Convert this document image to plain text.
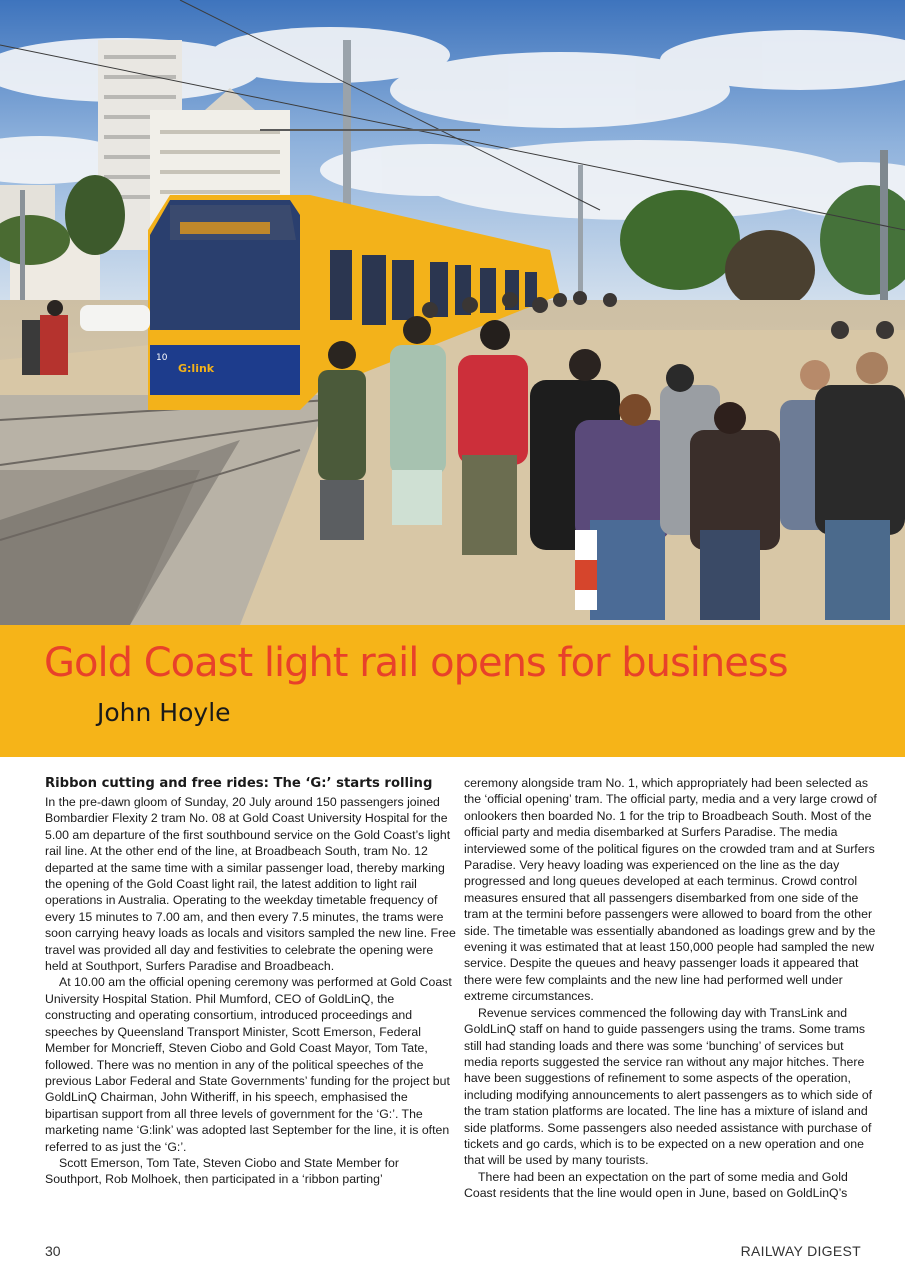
10
G:link
Gold Coast light rail opens for business
John Hoyle
Ribbon cutting and free rides: The ‘G:’ starts rolling

In the pre-dawn gloom of Sunday, 20 July around 150 passengers joined Bombardier Flexity 2 tram No. 08 at Gold Coast University Hospital for the 5.00 am departure of the first southbound service on the Gold Coast’s light rail line. At the other end of the line, at Broadbeach South, tram No. 12 departed at the same time with a similar passenger load, thereby marking the opening of the Gold Coast light rail, the latest addition to light rail operations in Australia. Operating to the weekday timetable frequency of every 15 minutes to 7.00 am, and then every 7.5 minutes, the trams were soon carrying heavy loads as locals and visitors sampled the new line. Free travel was provided all day and festivities to celebrate the opening were held at Southport, Surfers Paradise and Broadbeach.

At 10.00 am the official opening ceremony was performed at Gold Coast University Hospital Station. Phil Mumford, CEO of GoldLinQ, the constructing and operating consortium, introduced proceedings and speeches by Queensland Transport Minister, Scott Emerson, Federal Member for Moncrieff, Steven Ciobo and Gold Coast Mayor, Tom Tate, followed. There was no mention in any of the political speeches of the previous Labor Federal and State Governments’ funding for the project but GoldLinQ Chairman, John Witheriff, in his speech, emphasised the bipartisan support from all three levels of government for the ‘G:’. The marketing name ‘G:link’ was adopted last September for the line, it is often referred to as just the ‘G:’.

Scott Emerson, Tom Tate, Steven Ciobo and State Member for Southport, Rob Molhoek, then participated in a ‘ribbon parting’

ceremony alongside tram No. 1, which appropriately had been selected as the ‘official opening’ tram. The official party, media and a very large crowd of onlookers then boarded No. 1 for the trip to Broadbeach South. Most of the official party and media disembarked at Surfers Paradise. The media interviewed some of the political figures on the crowded tram and at Surfers Paradise. Very heavy loading was experienced on the line as the day progressed and long queues developed at each terminus. Crowd control measures ensured that all passengers disembarked from one side of the tram at the termini before passengers were allowed to board from the other side. The timetable was essentially abandoned as loadings grew and by the evening it was estimated that at least 150,000 people had sampled the new service. Despite the queues and heavy passenger loads it appeared that there were few complaints and the new line had performed well under extreme circumstances.

Revenue services commenced the following day with TransLink and GoldLinQ staff on hand to guide passengers using the trams. Some trams still had standing loads and there was some ‘bunching’ of services but media reports suggested the service ran without any major hitches. There have been suggestions of refinement to some aspects of the operation, including modifying announcements to alert passengers as to which side of the tram station platforms are located. The line has a mixture of island and side platforms. Some passengers also needed assistance with purchase of tickets and go cards, which is to be expected on a new operation and one that will be used by many tourists.

There had been an expectation on the part of some media and Gold Coast residents that the line would open in June, based on GoldLinQ’s

30	RAILWAY DIGEST
